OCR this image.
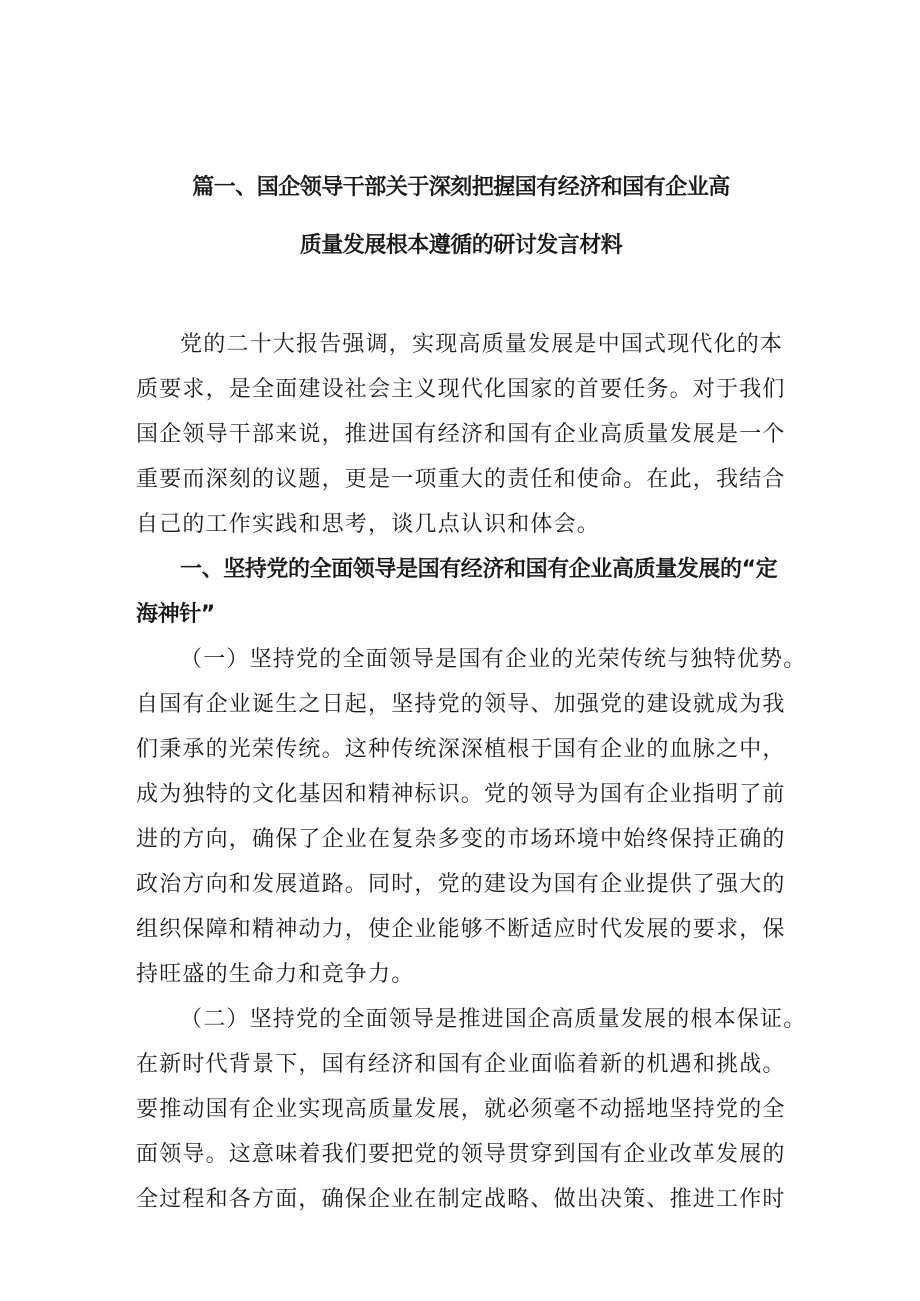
篇一、国企领导干部关于深刻把握国有经济和国有企业高
质量发展根本遵循的研讨发言材料
党的二十大报告强调，实现高质量发展是中国式现代化的本
质要求，是全面建设社会主义现代化国家的首要任务。对于我们
国企领导干部来说，推进国有经济和国有企业高质量发展是一个
重要而深刻的议题，更是一项重大的责任和使命。在此，我结合
自己的工作实践和思考，谈几点认识和体会。
一、坚持党的全面领导是国有经济和国有企业高质量发展的“定
海神针”
（一）坚持党的全面领导是国有企业的光荣传统与独特优势。
自国有企业诞生之日起，坚持党的领导、加强党的建设就成为我
们秉承的光荣传统。这种传统深深植根于国有企业的血脉之中，
成为独特的文化基因和精神标识。党的领导为国有企业指明了前
进的方向，确保了企业在复杂多变的市场环境中始终保持正确的
政治方向和发展道路。同时，党的建设为国有企业提供了强大的
组织保障和精神动力，使企业能够不断适应时代发展的要求，保
持旺盛的生命力和竞争力。
（二）坚持党的全面领导是推进国企高质量发展的根本保证。
在新时代背景下，国有经济和国有企业面临着新的机遇和挑战。
要推动国有企业实现高质量发展，就必须毫不动摇地坚持党的全
面领导。这意味着我们要把党的领导贯穿到国有企业改革发展的
全过程和各方面，确保企业在制定战略、做出决策、推进工作时
